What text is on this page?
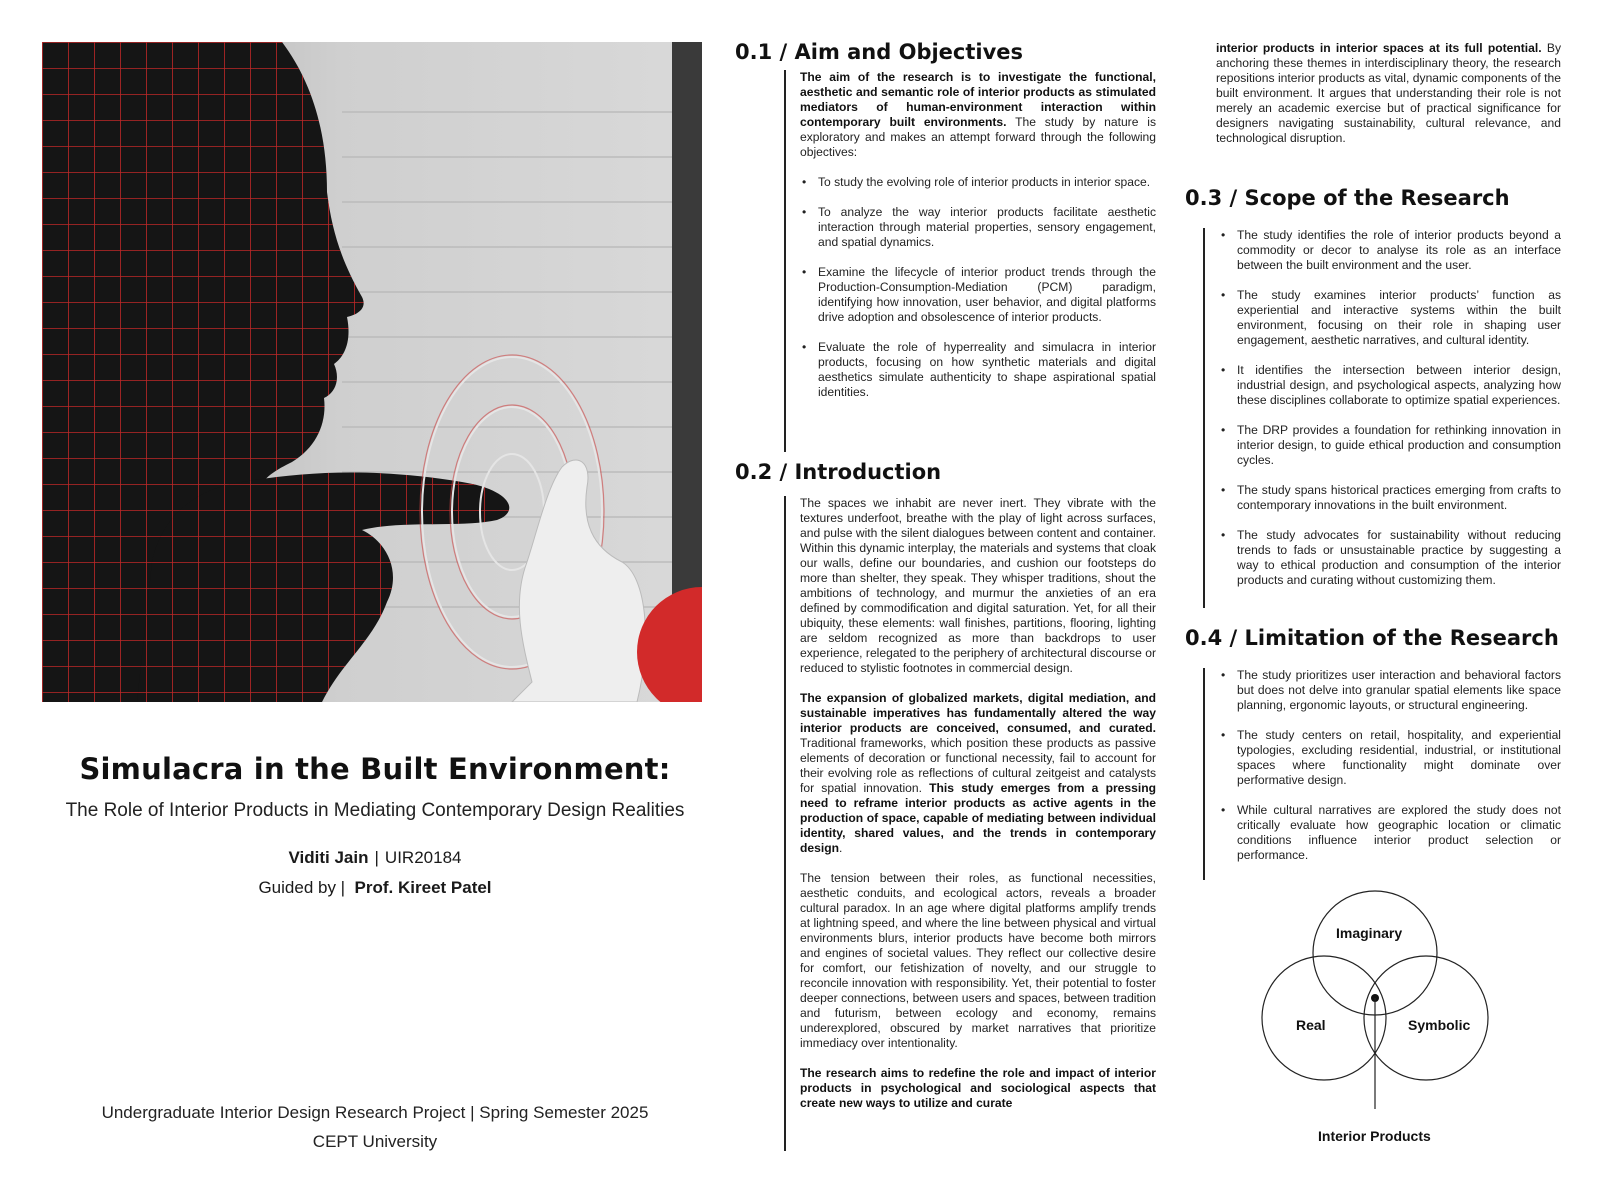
Simulacra in the Built Environment:
The Role of Interior Products in Mediating Contemporary Design Realities
Viditi Jain | UIR20184
Guided by | Prof. Kireet Patel
Undergraduate Interior Design Research Project | Spring Semester 2025
CEPT University
0.1 / Aim and Objectives

The aim of the research is to investigate the functional, aesthetic and semantic role of interior products as stimulated mediators of human-environment interaction within contemporary built environments. The study by nature is exploratory and makes an attempt forward through the following objectives:

• To study the evolving role of interior products in interior space.
• To analyze the way interior products facilitate aesthetic interaction through material properties, sensory engagement, and spatial dynamics.
• Examine the lifecycle of interior product trends through the Production-Consumption-Mediation (PCM) paradigm, identifying how innovation, user behavior, and digital platforms drive adoption and obsolescence of interior products.
• Evaluate the role of hyperreality and simulacra in interior products, focusing on how synthetic materials and digital aesthetics simulate authenticity to shape aspirational spatial identities.
0.2 / Introduction

The spaces we inhabit are never inert. They vibrate with the textures underfoot, breathe with the play of light across surfaces, and pulse with the silent dialogues between content and container. Within this dynamic interplay, the materials and systems that cloak our walls, define our boundaries, and cushion our footsteps do more than shelter, they speak. They whisper traditions, shout the ambitions of technology, and murmur the anxieties of an era defined by commodification and digital saturation. Yet, for all their ubiquity, these elements: wall finishes, partitions, flooring, lighting are seldom recognized as more than backdrops to user experience, relegated to the periphery of architectural discourse or reduced to stylistic footnotes in commercial design.

The expansion of globalized markets, digital mediation, and sustainable imperatives has fundamentally altered the way interior products are conceived, consumed, and curated. Traditional frameworks, which position these products as passive elements of decoration or functional necessity, fail to account for their evolving role as reflections of cultural zeitgeist and catalysts for spatial innovation. This study emerges from a pressing need to reframe interior products as active agents in the production of space, capable of mediating between individual identity, shared values, and the trends in contemporary design.

The tension between their roles, as functional necessities, aesthetic conduits, and ecological actors, reveals a broader cultural paradox. In an age where digital platforms amplify trends at lightning speed, and where the line between physical and virtual environments blurs, interior products have become both mirrors and engines of societal values. They reflect our collective desire for comfort, our fetishization of novelty, and our struggle to reconcile innovation with responsibility. Yet, their potential to foster deeper connections, between users and spaces, between tradition and futurism, between ecology and economy, remains underexplored, obscured by market narratives that prioritize immediacy over intentionality.

The research aims to redefine the role and impact of interior products in psychological and sociological aspects that create new ways to utilize and curate

interior products in interior spaces at its full potential. By anchoring these themes in interdisciplinary theory, the research repositions interior products as vital, dynamic components of the built environment. It argues that understanding their role is not merely an academic exercise but of practical significance for designers navigating sustainability, cultural relevance, and technological disruption.
0.3 / Scope of the Research
• The study identifies the role of interior products beyond a commodity or decor to analyse its role as an interface between the built environment and the user.
• The study examines interior products’ function as experiential and interactive systems within the built environment, focusing on their role in shaping user engagement, aesthetic narratives, and cultural identity.
• It identifies the intersection between interior design, industrial design, and psychological aspects, analyzing how these disciplines collaborate to optimize spatial experiences.
• The DRP provides a foundation for rethinking innovation in interior design, to guide ethical production and consumption cycles.
• The study spans historical practices emerging from crafts to contemporary innovations in the built environment.
• The study advocates for sustainability without reducing trends to fads or unsustainable practice by suggesting a way to ethical production and consumption of the interior products and curating without customizing them.
0.4 / Limitation of the Research
• The study prioritizes user interaction and behavioral factors but does not delve into granular spatial elements like space planning, ergonomic layouts, or structural engineering.
• The study centers on retail, hospitality, and experiential typologies, excluding residential, industrial, or institutional spaces where functionality might dominate over performative design.
• While cultural narratives are explored the study does not critically evaluate how geographic location or climatic conditions influence interior product selection or performance.
Imaginary
Real	Symbolic
Interior Products
